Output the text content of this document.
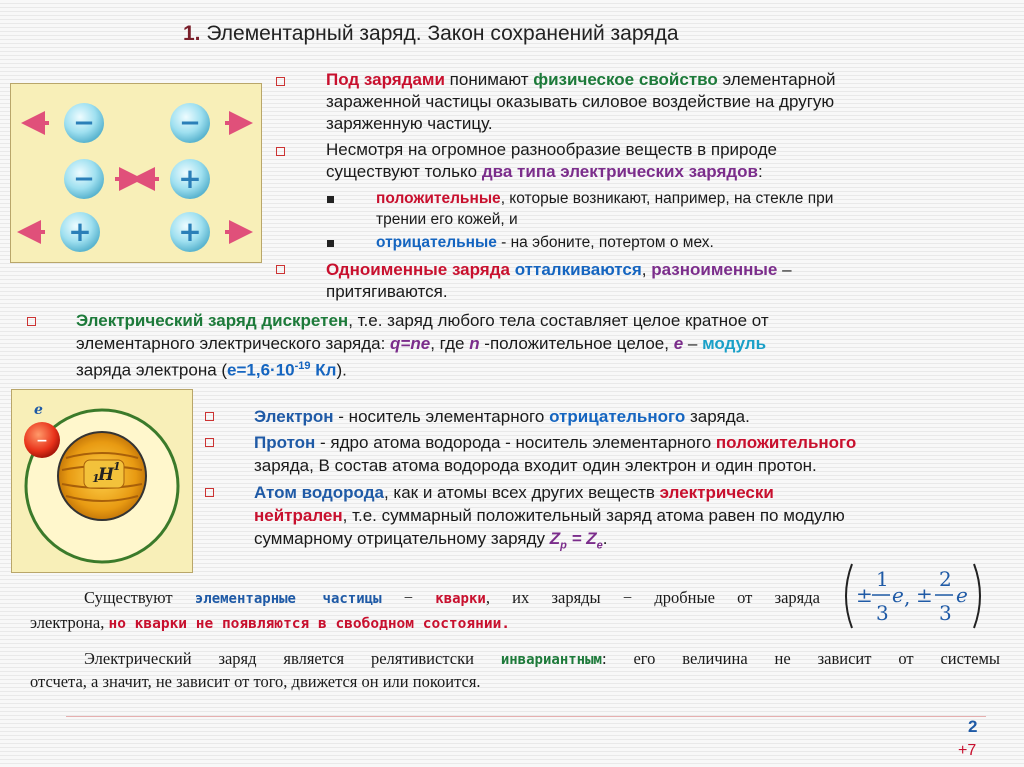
1. Элементарный заряд. Закон сохранений заряда
−	−
−	+
+	+
Под зарядами понимают физическое свойство элементарной
зараженной частицы оказывать силовое воздействие на другую
заряженную частицу.
Несмотря на огромное разнообразие веществ в природе
существуют только два типа электрических зарядов:
положительные, которые возникают, например, на стекле при
трении его кожей, и
отрицательные - на эбоните, потертом о мех.
Одноименные заряда отталкиваются, разноименные –
притягиваются.
Электрический заряд дискретен, т.е. заряд любого тела составляет целое кратное от
элементарного электрического заряда: q=ne, где n -положительное целое, е – модуль
заряда электрона ($е=1,6\cdot 10^{-19}$ Кл).
1
H
1
−
e	Электрон - носитель элементарного отрицательного заряда.
Протон - ядро атома водорода - носитель элементарного положительного
заряда, В состав атома водорода входит один электрон и один протон.
Атом водорода, как и атомы всех других веществ электрически
нейтрален, т.е. суммарный положительный заряд атома равен по модулю
суммарному отрицательному заряду $Z_p = Z_e$.
Существуют элементарные частицы − кварки, их заряды − дробные от заряда
электрона, но кварки не появляются в свободном состоянии.
±
1
3
e , ±
2
3
e
Электрический заряд является релятивистски инвариантным: его величина не зависит от системы
отсчета, а значит, не зависит от того, движется он или покоится.
2
+7
